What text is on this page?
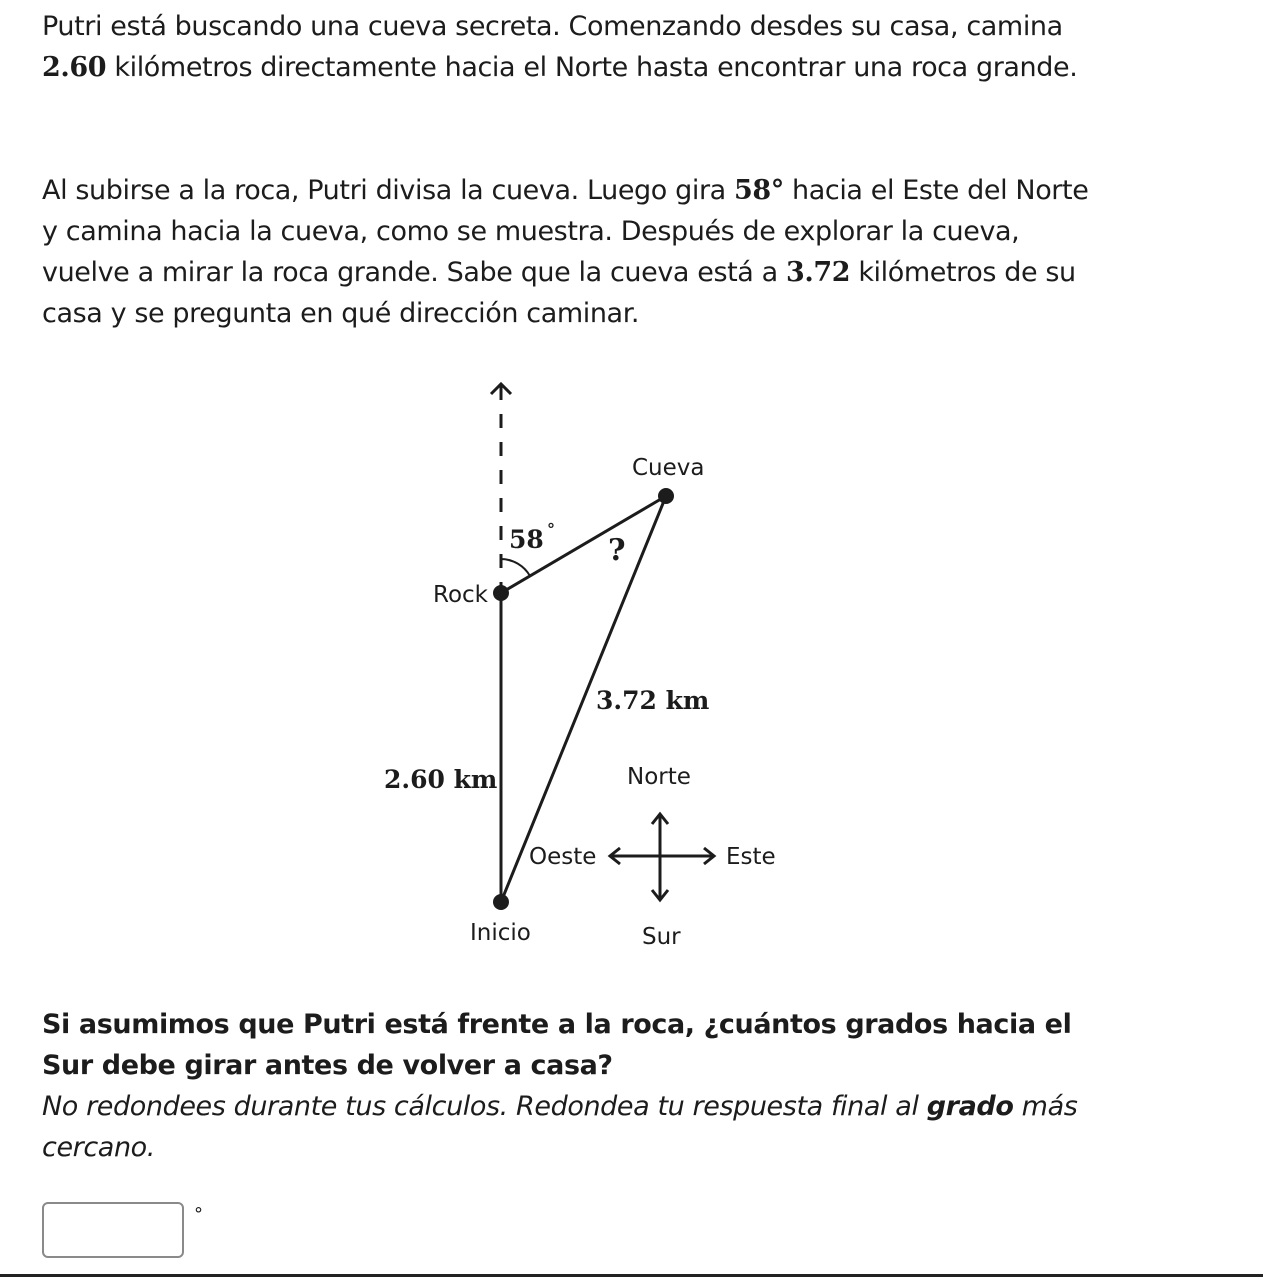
Putri está buscando una cueva secreta. Comenzando desdes su casa, camina 2.60 kilómetros directamente hacia el Norte hasta encontrar una roca grande.

Al subirse a la roca, Putri divisa la cueva. Luego gira 58° hacia el Este del Norte y camina hacia la cueva, como se muestra. Después de explorar la cueva, vuelve a mirar la roca grande. Sabe que la cueva está a 3.72 kilómetros de su casa y se pregunta en qué dirección caminar.

Cueva
Rock
Inicio
58 °
?
3.72 km
2.60 km	Norte
Sur
Este
Oeste

Si asumimos que Putri está frente a la roca, ¿cuántos grados hacia el Sur debe girar antes de volver a casa?

No redondees durante tus cálculos. Redondea tu respuesta final al grado más cercano.

°
